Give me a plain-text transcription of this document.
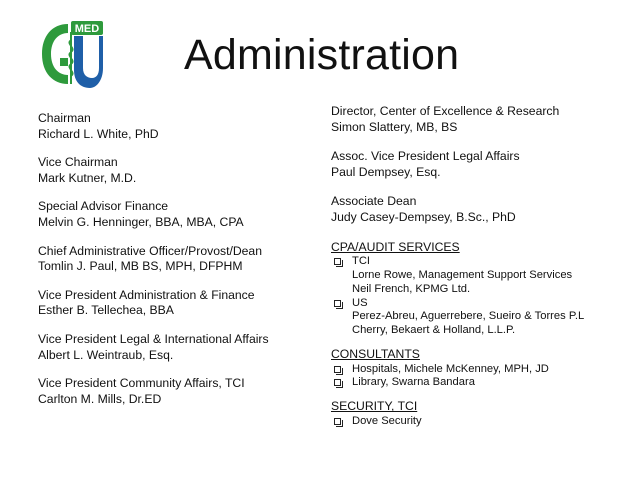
MED
Administration
Chairman
Richard L. White, PhD
Vice Chairman
Mark Kutner, M.D.
Special Advisor Finance
Melvin G. Henninger, BBA, MBA, CPA
Chief Administrative Officer/Provost/Dean
Tomlin J. Paul, MB BS, MPH, DFPHM
Vice President Administration & Finance
Esther B. Tellechea, BBA
Vice President Legal & International Affairs
Albert L. Weintraub, Esq.
Vice President Community Affairs, TCI
Carlton M. Mills, Dr.ED
Director, Center of Excellence & Research
Simon Slattery, MB, BS
Assoc. Vice President Legal Affairs
Paul Dempsey, Esq.
Associate Dean
Judy Casey-Dempsey, B.Sc., PhD
CPA/AUDIT SERVICES
TCI
Lorne Rowe, Management Support Services
Neil French, KPMG Ltd.
US
Perez-Abreu, Aguerrebere, Sueiro & Torres P.L
Cherry, Bekaert & Holland, L.L.P.
CONSULTANTS
Hospitals, Michele McKenney, MPH, JD
Library, Swarna Bandara
SECURITY, TCI
Dove Security
